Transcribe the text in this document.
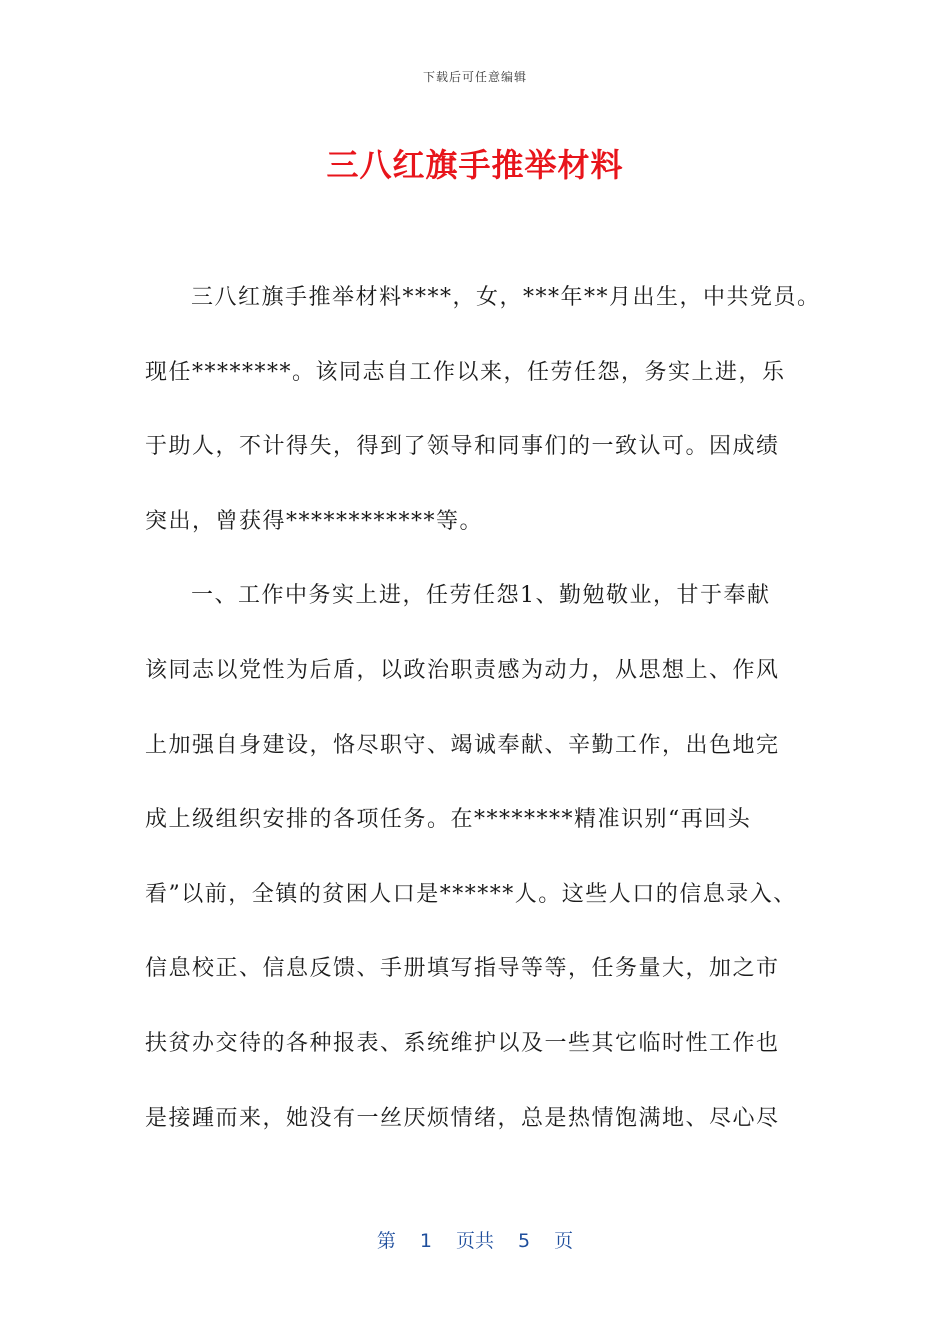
下载后可任意编辑
三八红旗手推举材料
三八红旗手推举材料****，女，***年**月出生，中共党员。
现任********。该同志自工作以来，任劳任怨，务实上进，乐
于助人，不计得失，得到了领导和同事们的一致认可。因成绩
突出，曾获得************等。
一、工作中务实上进，任劳任怨1、勤勉敬业，甘于奉献
该同志以党性为后盾，以政治职责感为动力，从思想上、作风
上加强自身建设，恪尽职守、竭诚奉献、辛勤工作，出色地完
成上级组织安排的各项任务。在********精准识别“再回头
看”以前，全镇的贫困人口是******人。这些人口的信息录入、
信息校正、信息反馈、手册填写指导等等，任务量大，加之市
扶贫办交待的各种报表、系统维护以及一些其它临时性工作也
是接踵而来，她没有一丝厌烦情绪，总是热情饱满地、尽心尽
第 1 页共 5 页
